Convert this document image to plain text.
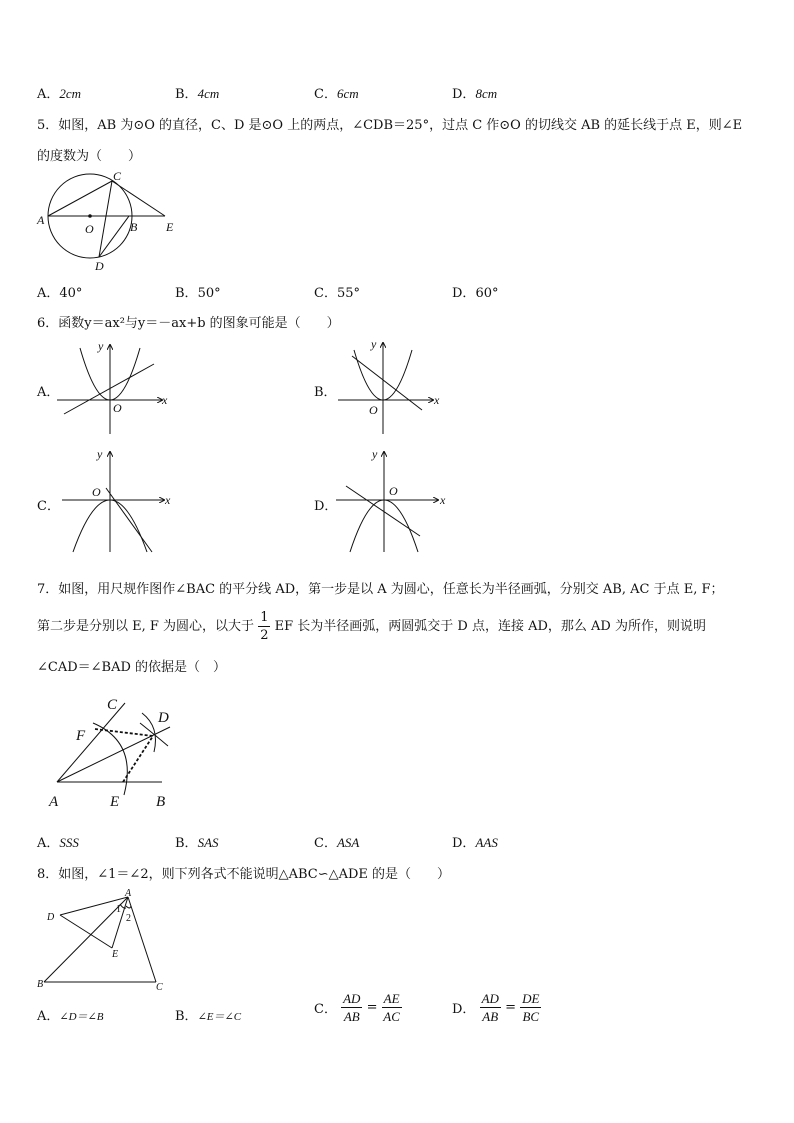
A．2cm	B．4cm	C．6cm	D．8cm
5．如图，AB 为⊙O 的直径，C、D 是⊙O 上的两点，∠CDB＝25°，过点 C 作⊙O 的切线交 AB 的延长线于点 E，则∠E
的度数为（　　）
A
O	B E
C
D
A．40°	B．50°	C．55°	D．60°
6．函数y＝ax²与y＝－ax+b 的图象可能是（　　）
A．	B．
C．	D．
x
y
O
x
y
O
x
y
O
x
y
O
7．如图，用尺规作图作∠BAC 的平分线 AD，第一步是以 A 为圆心，任意长为半径画弧，分别交 AB, AC 于点 E, F；
第二步是分别以 E, F 为圆心，以大于 $\frac{1}{2}$ EF 长为半径画弧，两圆弧交于 D 点，连接 AD，那么 AD 为所作，则说明
∠CAD＝∠BAD 的依据是（　）
C
D
F
A	E B
A．SSS	B．SAS	C．ASA	D．AAS
8．如图，∠1＝∠2，则下列各式不能说明△ABC∽△ADE 的是（　　）
A
D
E
B	C
1
2
A．∠D＝∠B	B．∠E＝∠C	C． $\frac{AD}{AB} = \frac{AE}{AC}$	D． $\frac{AD}{AB} = \frac{DE}{BC}$
